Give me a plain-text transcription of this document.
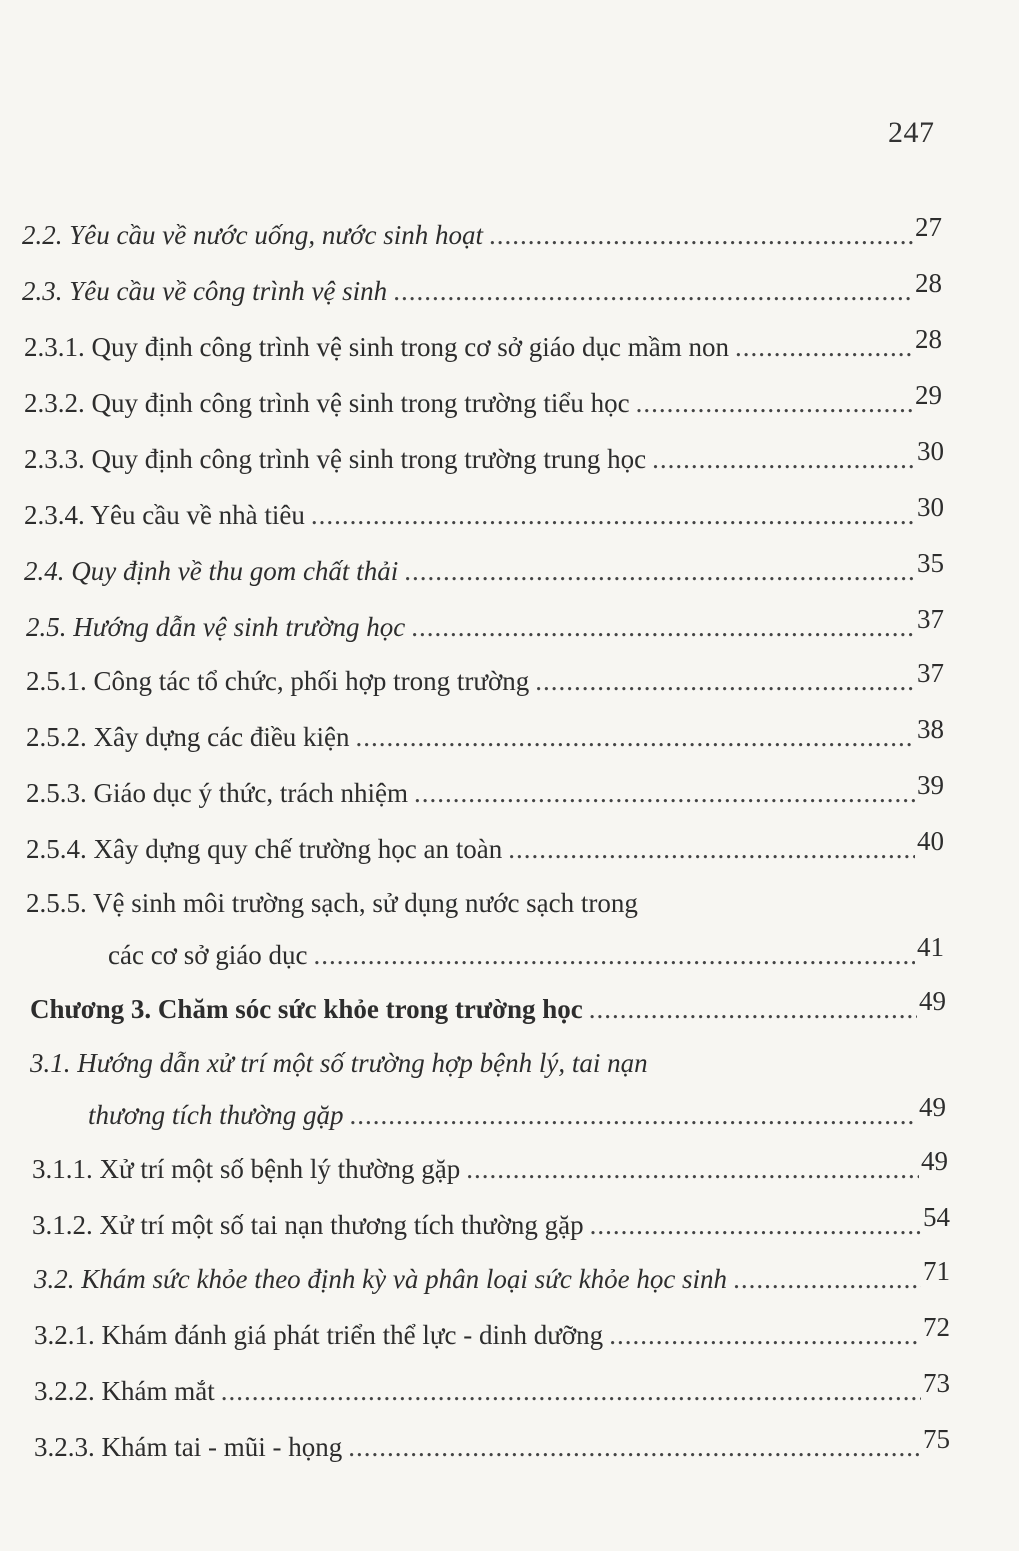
247
2.2. Yêu cầu về nước uống, nước sinh hoạt .....	27
2.3. Yêu cầu về công trình vệ sinh .....	28
2.3.1. Quy định công trình vệ sinh trong cơ sở giáo dục mầm non .....	28
2.3.2. Quy định công trình vệ sinh trong trường tiểu học .....	29
2.3.3. Quy định công trình vệ sinh trong trường trung học .....	30
2.3.4. Yêu cầu về nhà tiêu .....	30
2.4. Quy định về thu gom chất thải .....	35
2.5. Hướng dẫn vệ sinh trường học .....	37
2.5.1. Công tác tổ chức, phối hợp trong trường .....	37
2.5.2. Xây dựng các điều kiện .....	38
2.5.3. Giáo dục ý thức, trách nhiệm .....	39
2.5.4. Xây dựng quy chế trường học an toàn .....	40
2.5.5. Vệ sinh môi trường sạch, sử dụng nước sạch trong
các cơ sở giáo dục .....	41
Chương 3. Chăm sóc sức khỏe trong trường học .....	49
3.1. Hướng dẫn xử trí một số trường hợp bệnh lý, tai nạn
thương tích thường gặp .....	49
3.1.1. Xử trí một số bệnh lý thường gặp .....	49
3.1.2. Xử trí một số tai nạn thương tích thường gặp .....	54
3.2. Khám sức khỏe theo định kỳ và phân loại sức khỏe học sinh .....	71
3.2.1. Khám đánh giá phát triển thể lực - dinh dưỡng .....	72
3.2.2. Khám mắt .....	73
3.2.3. Khám tai - mũi - họng .....	75
